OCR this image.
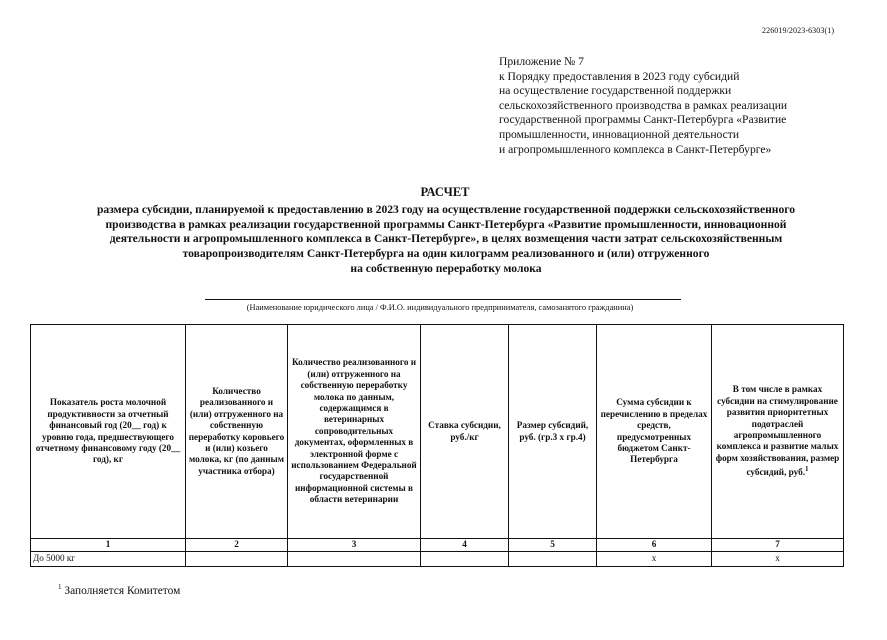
226019/2023-6303(1)
Приложение № 7
к Порядку предоставления в 2023 году субсидий
на осуществление государственной поддержки
сельскохозяйственного производства в рамках реализации
государственной программы Санкт-Петербурга «Развитие
промышленности, инновационной деятельности
и агропромышленного комплекса в Санкт-Петербурге»
РАСЧЕТ
размера субсидии, планируемой к предоставлению в 2023 году на осуществление государственной поддержки сельскохозяйственного
производства в рамках реализации государственной программы Санкт-Петербурга «Развитие промышленности, инновационной
деятельности и агропромышленного комплекса в Санкт-Петербурге», в целях возмещения части затрат сельскохозяйственным
товаропроизводителям Санкт-Петербурга на один килограмм реализованного и (или) отгруженного
на собственную переработку молока
(Наименование юридического лица / Ф.И.О. индивидуального предпринимателя, самозанятого гражданина)
Показатель роста молочной продуктивности за отчетный финансовый год (20__ год) к уровню года, предшествующего отчетному финансовому году (20__ год), кг	Количество реализованного и (или) отгруженного на собственную переработку коровьего и (или) козьего молока, кг (по данным участника отбора)	Количество реализованного и (или) отгруженного на собственную переработку молока по данным, содержащимся в ветеринарных сопроводительных документах, оформленных в электронной форме с использованием Федеральной государственной информационной системы в области ветеринарии	Ставка субсидии, руб./кг	Размер субсидий, руб. (гр.3 х гр.4)	Сумма субсидии к перечислению в пределах средств, предусмотренных бюджетом Санкт-Петербурга	В том числе в рамках субсидии на стимулирование развития приоритетных подотраслей агропромышленного комплекса и развитие малых форм хозяйствования, размер субсидий, руб.$^1$
1	2	3	4	5	6	7
До 5000 кг					x	x
$^1$ Заполняется Комитетом
